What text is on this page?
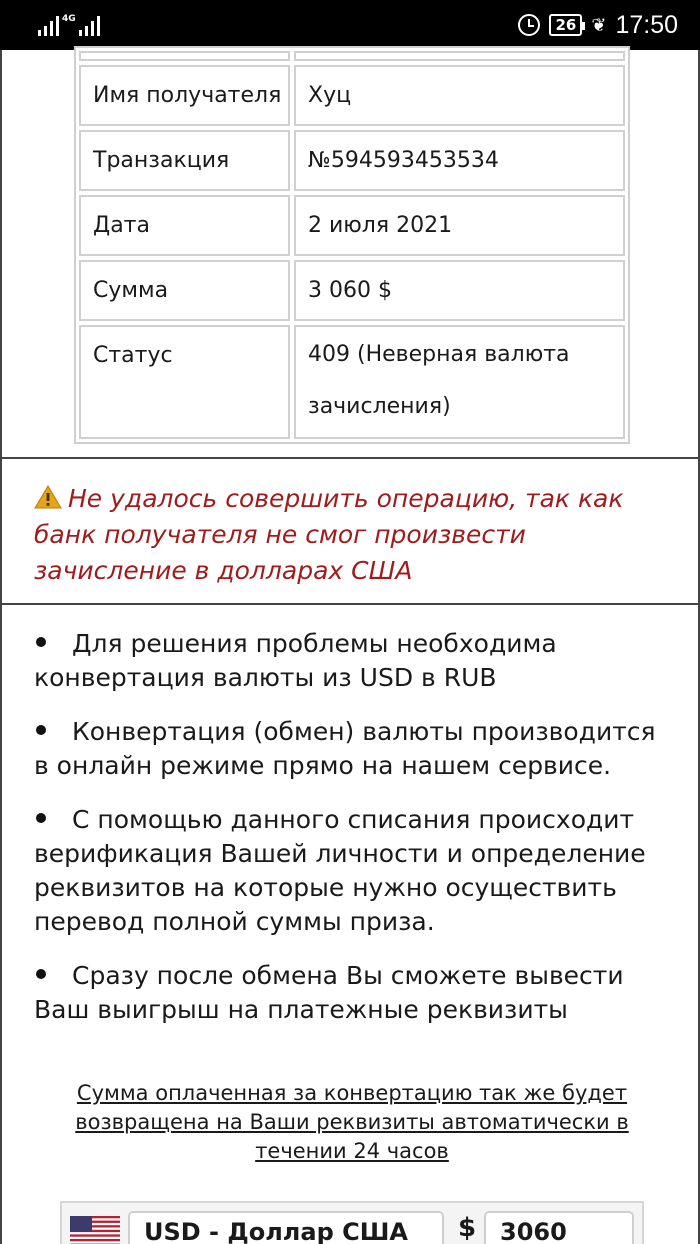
4G	26 ❦ 17:50
Имя получателя	Хуц
Транзакция	№594593453534
Дата	2 июля 2021
Сумма	3 060 $
Статус	409 (Неверная валюта зачисления)

Не удалось совершить операцию, так как банк получателя не смог произвести зачисление в долларах США

Для решения проблемы необходима конвертация валюты из USD в RUB
Конвертация (обмен) валюты производится в онлайн режиме прямо на нашем сервисе.
С помощью данного списания происходит верификация Вашей личности и определение реквизитов на которые нужно осуществить перевод полной суммы приза.
Сразу после обмена Вы сможете вывести Ваш выигрыш на платежные реквизиты

Сумма оплаченная за конвертацию так же будет возвращена на Ваши реквизиты автоматически в течении 24 часов

USD - Доллар США	$ 3060
